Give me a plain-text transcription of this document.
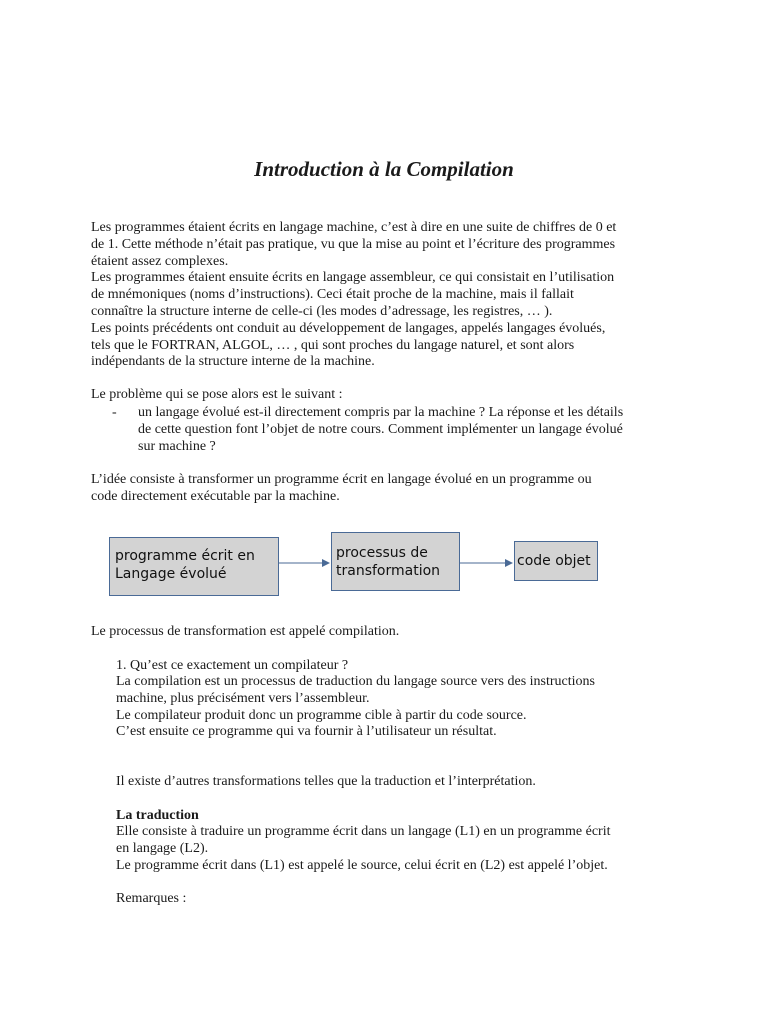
Introduction à la Compilation
Les programmes étaient écrits en langage machine, c’est à dire en une suite de chiffres de 0 et
de 1. Cette méthode n’était pas pratique, vu que la mise au point et l’écriture des programmes
étaient assez complexes.
Les programmes étaient ensuite écrits en langage assembleur, ce qui consistait en l’utilisation
de mnémoniques (noms d’instructions). Ceci était proche de la machine, mais il fallait
connaître la structure interne de celle-ci (les modes d’adressage, les registres, … ).
Les points précédents ont conduit au développement de langages, appelés langages évolués,
tels que le FORTRAN, ALGOL, … , qui sont proches du langage naturel, et sont alors
indépendants de la structure interne de la machine.
Le problème qui se pose alors est le suivant :
- un langage évolué est-il directement compris par la machine ? La réponse et les détails
de cette question font l’objet de notre cours. Comment implémenter un langage évolué
sur machine ?
L’idée consiste à transformer un programme écrit en langage évolué en un programme ou
code directement exécutable par la machine.
programme écrit en
Langage évolué
processus de
transformation
code objet
Le processus de transformation est appelé compilation.
1. Qu’est ce exactement un compilateur ?
La compilation est un processus de traduction du langage source vers des instructions
machine, plus précisément vers l’assembleur.
Le compilateur produit donc un programme cible à partir du code source.
C’est ensuite ce programme qui va fournir à l’utilisateur un résultat.
Il existe d’autres transformations telles que la traduction et l’interprétation.
La traduction
Elle consiste à traduire un programme écrit dans un langage (L1) en un programme écrit
en langage (L2).
Le programme écrit dans (L1) est appelé le source, celui écrit en (L2) est appelé l’objet.
Remarques :
